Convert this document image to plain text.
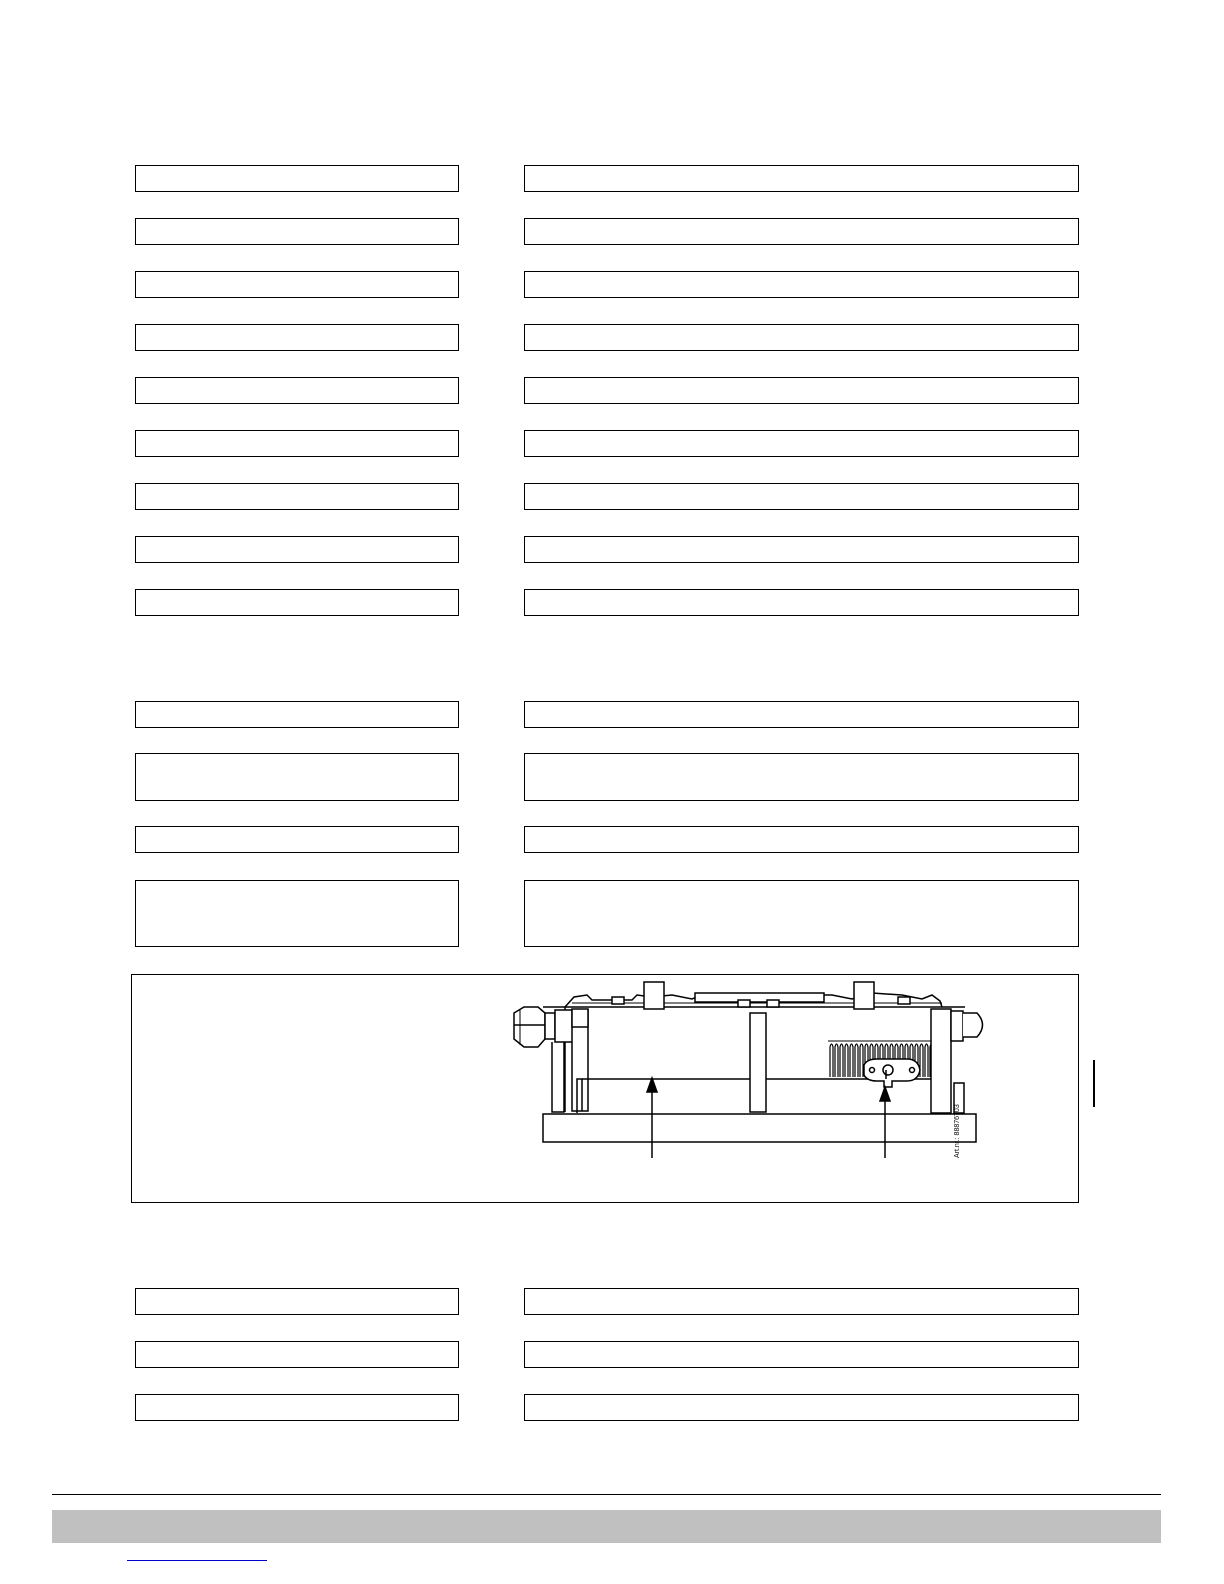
Art.nr.: 88876703
